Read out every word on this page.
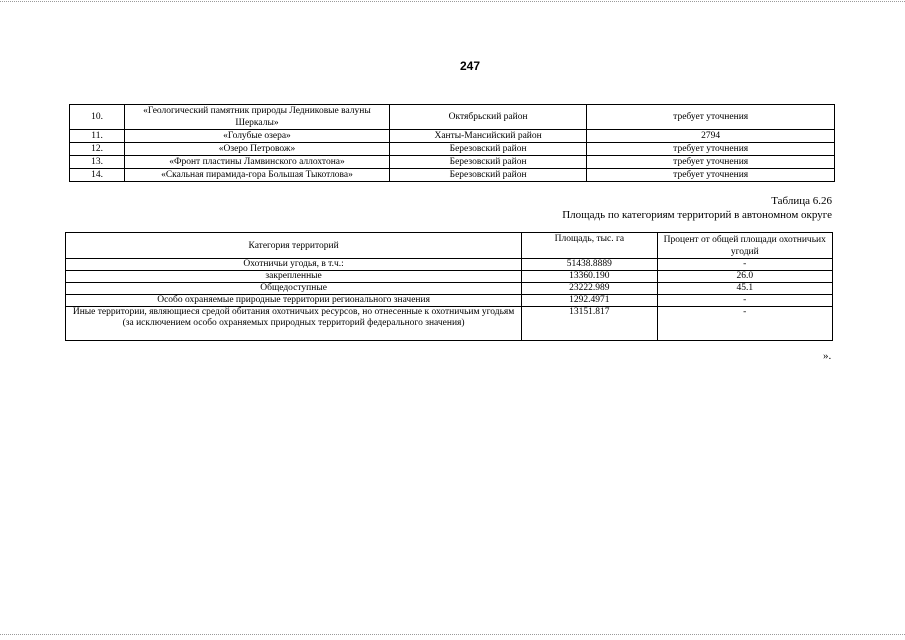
247
10.	«Геологический памятник природы Ледниковые валуны Шеркалы»	Октябрьский район	требует уточнения
11.	«Голубые озера»	Ханты-Мансийский район	2794
12.	«Озеро Петровож»	Березовский район	требует уточнения
13.	«Фронт пластины Ламвинского аллохтона»	Березовский район	требует уточнения
14.	«Скальная пирамида-гора Большая Тыкотлова»	Березовский район	требует уточнения
Таблица 6.26
Площадь по категориям территорий в автономном округе
Категория территорий	Площадь, тыс. га	Процент от общей площади охотничьих угодий
Охотничьи угодья, в т.ч.:	51438.8889	-
закрепленные	13360.190	26.0
Общедоступные	23222.989	45.1
Особо охраняемые природные территории регионального значения	1292.4971	-
Иные территории, являющиеся средой обитания охотничьих ресурсов, но отнесенные к охотничьим угодьям (за исключением особо охраняемых природных территорий федерального значения)	13151.817	-
».
